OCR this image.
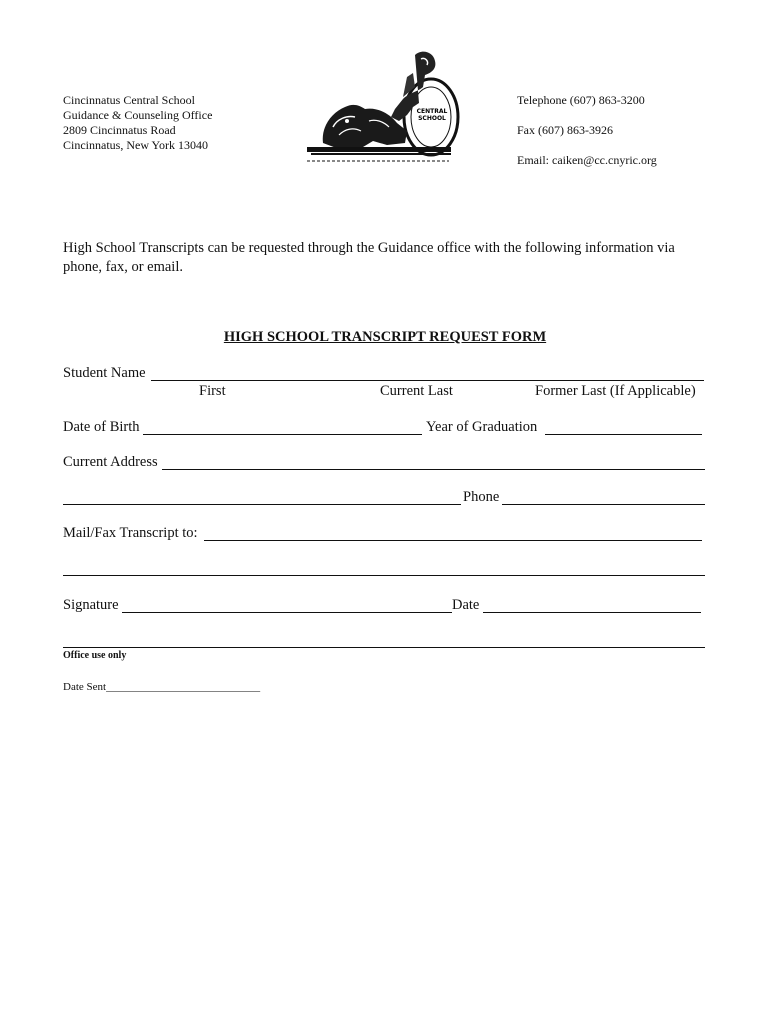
Cincinnatus Central School
Guidance & Counseling Office
2809 Cincinnatus Road
Cincinnatus, New York 13040
CENTRAL
SCHOOL
Telephone (607) 863-3200
Fax (607) 863-3926
Email: caiken@cc.cnyric.org
High School Transcripts can be requested through the Guidance office with the following information via
phone, fax, or email.
HIGH SCHOOL TRANSCRIPT REQUEST FORM
Student Name
First	Current Last	Former Last (If Applicable)
Date of Birth	Year of Graduation
Current Address
Phone
Mail/Fax Transcript to:
Signature	Date
Office use only
Date Sent____________________________
